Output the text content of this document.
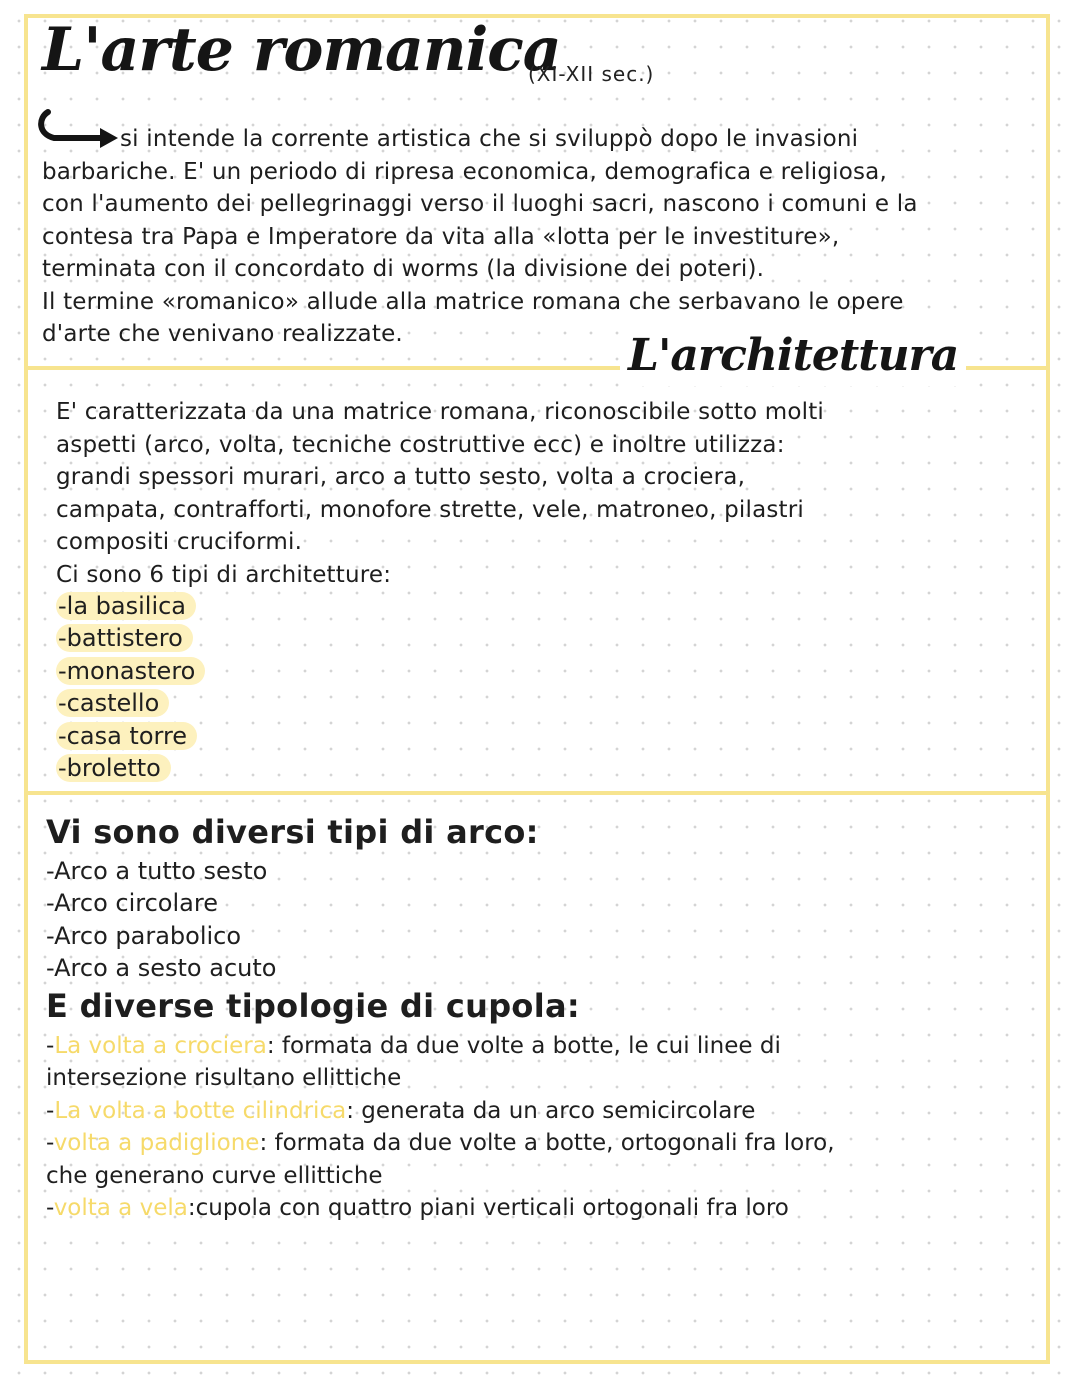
L'arte romanica
(XI-XII sec.)
si intende la corrente artistica che si sviluppò dopo le invasioni
barbariche. E' un periodo di ripresa economica, demografica e religiosa,
con l'aumento dei pellegrinaggi verso il luoghi sacri, nascono i comuni e la
contesa tra Papa e Imperatore da vita alla «lotta per le investiture»,
terminata con il concordato di worms (la divisione dei poteri).
Il termine «romanico» allude alla matrice romana che serbavano le opere
d'arte che venivano realizzate.	L'architettura
E' caratterizzata da una matrice romana, riconoscibile sotto molti
aspetti (arco, volta, tecniche costruttive ecc) e inoltre utilizza:
grandi spessori murari, arco a tutto sesto, volta a crociera,
campata, contrafforti, monofore strette, vele, matroneo, pilastri
compositi cruciformi.
Ci sono 6 tipi di architetture:
-la basilica
-battistero
-monastero
-castello
-casa torre
-broletto
Vi sono diversi tipi di arco:
-Arco a tutto sesto
-Arco circolare
-Arco parabolico
-Arco a sesto acuto
E diverse tipologie di cupola:
-La volta a crociera: formata da due volte a botte, le cui linee di
intersezione risultano ellittiche
-La volta a botte cilindrica: generata da un arco semicircolare
-volta a padiglione: formata da due volte a botte, ortogonali fra loro,
che generano curve ellittiche
-volta a vela:cupola con quattro piani verticali ortogonali fra loro
